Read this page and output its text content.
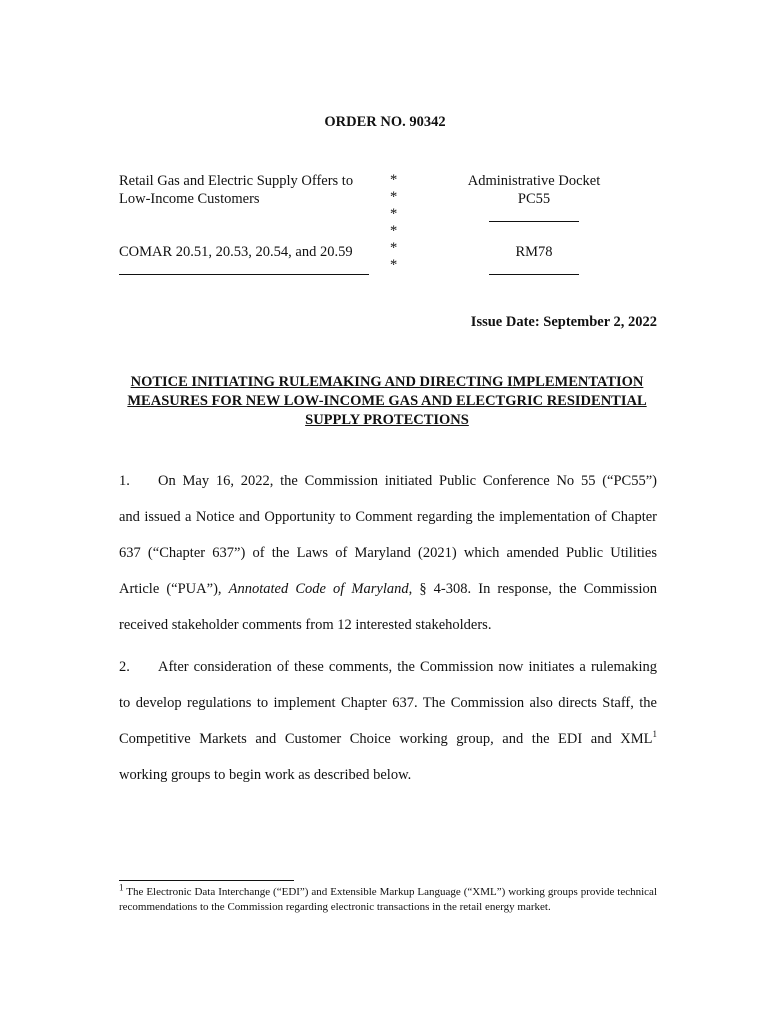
ORDER NO. 90342
Retail Gas and Electric Supply Offers to
Low-Income Customers
COMAR 20.51, 20.53, 20.54, and 20.59
*
*
*
*
*
*
Administrative Docket
PC55
RM78
Issue Date: September 2, 2022
NOTICE INITIATING RULEMAKING AND DIRECTING IMPLEMENTATION
MEASURES FOR NEW LOW-INCOME GAS AND ELECTGRIC RESIDENTIAL
SUPPLY PROTECTIONS
1. On May 16, 2022, the Commission initiated Public Conference No 55 (“PC55”)
and issued a Notice and Opportunity to Comment regarding the implementation of Chapter
637 (“Chapter 637”) of the Laws of Maryland (2021) which amended Public Utilities
Article (“PUA”), Annotated Code of Maryland, § 4-308. In response, the Commission
received stakeholder comments from 12 interested stakeholders.
2. After consideration of these comments, the Commission now initiates a rulemaking
to develop regulations to implement Chapter 637. The Commission also directs Staff, the
Competitive Markets and Customer Choice working group, and the EDI and XML$^1$
working groups to begin work as described below.
$^1$ The Electronic Data Interchange (“EDI”) and Extensible Markup Language (“XML”) working groups provide technical recommendations to the Commission regarding electronic transactions in the retail energy market.
